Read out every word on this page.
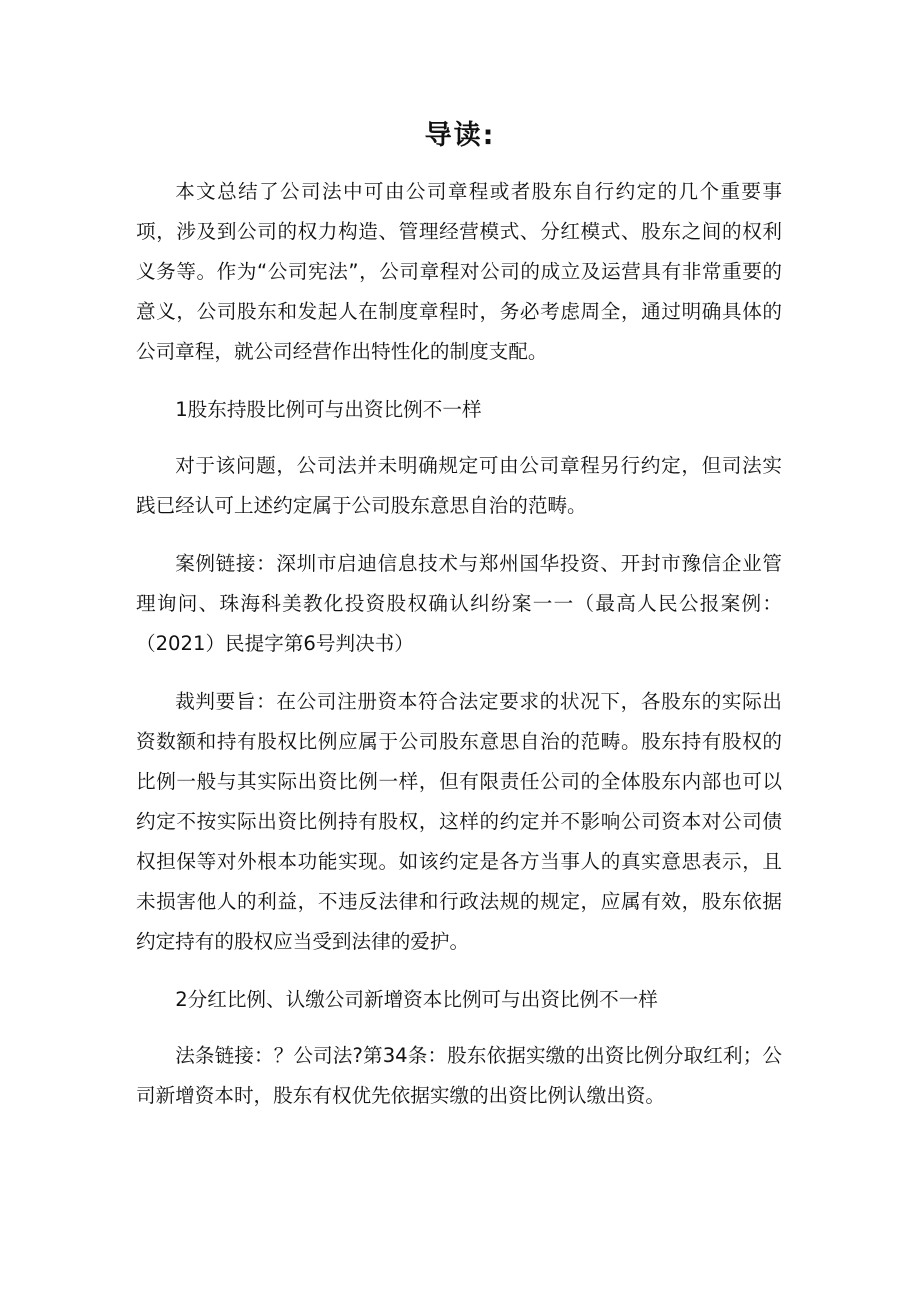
导读:

本文总结了公司法中可由公司章程或者股东自行约定的几个重要事项，涉及到公司的权力构造、管理经营模式、分红模式、股东之间的权利义务等。作为“公司宪法”，公司章程对公司的成立及运营具有非常重要的意义，公司股东和发起人在制度章程时，务必考虑周全，通过明确具体的公司章程，就公司经营作出特性化的制度支配。

1股东持股比例可与出资比例不一样

对于该问题，公司法并未明确规定可由公司章程另行约定，但司法实践已经认可上述约定属于公司股东意思自治的范畴。

案例链接：深圳市启迪信息技术与郑州国华投资、开封市豫信企业管理询问、珠海科美教化投资股权确认纠纷案一一（最高人民公报案例：（2021）民提字第6号判决书）

裁判要旨：在公司注册资本符合法定要求的状况下，各股东的实际出资数额和持有股权比例应属于公司股东意思自治的范畴。股东持有股权的比例一般与其实际出资比例一样，但有限责任公司的全体股东内部也可以约定不按实际出资比例持有股权，这样的约定并不影响公司资本对公司债权担保等对外根本功能实现。如该约定是各方当事人的真实意思表示，且未损害他人的利益，不违反法律和行政法规的规定，应属有效，股东依据约定持有的股权应当受到法律的爱护。

2分红比例、认缴公司新增资本比例可与出资比例不一样

法条链接：？公司法?第34条：股东依据实缴的出资比例分取红利；公司新增资本时，股东有权优先依据实缴的出资比例认缴出资。
